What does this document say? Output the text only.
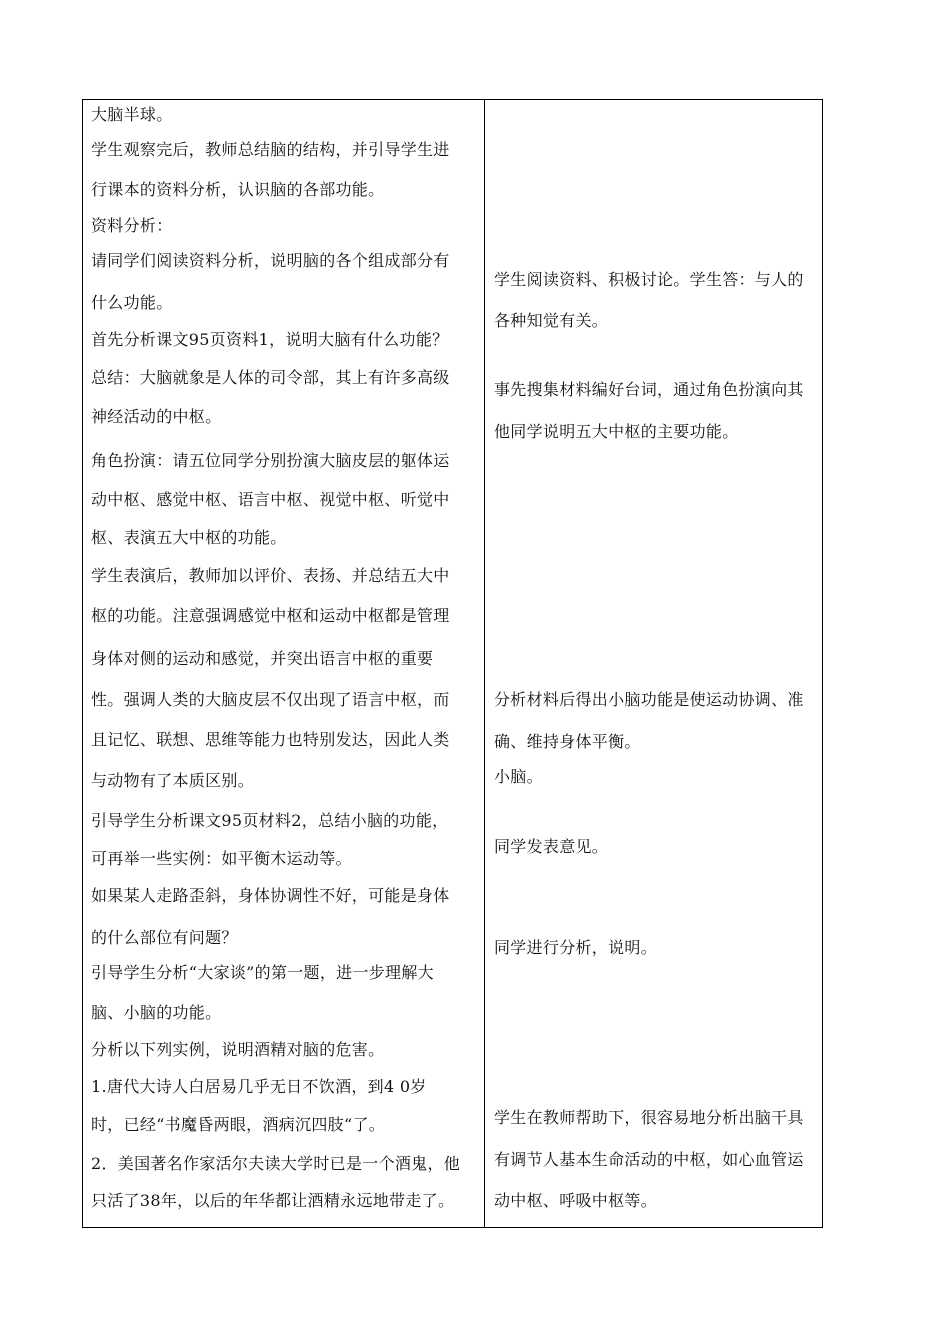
大脑半球。
学生观察完后，教师总结脑的结构，并引导学生进
行课本的资料分析，认识脑的各部功能。
资料分析：
请同学们阅读资料分析，说明脑的各个组成部分有
什么功能。
首先分析课文95页资料1，说明大脑有什么功能？
总结：大脑就象是人体的司令部，其上有许多高级
神经活动的中枢。
角色扮演：请五位同学分别扮演大脑皮层的躯体运
动中枢、感觉中枢、语言中枢、视觉中枢、听觉中
枢、表演五大中枢的功能。
学生表演后，教师加以评价、表扬、并总结五大中
枢的功能。注意强调感觉中枢和运动中枢都是管理
身体对侧的运动和感觉，并突出语言中枢的重要
性。强调人类的大脑皮层不仅出现了语言中枢，而
且记忆、联想、思维等能力也特别发达，因此人类
与动物有了本质区别。
引导学生分析课文95页材料2，总结小脑的功能，
可再举一些实例：如平衡木运动等。
如果某人走路歪斜，身体协调性不好，可能是身体
的什么部位有问题？
引导学生分析“大家谈”的第一题，进一步理解大
脑、小脑的功能。
分析以下列实例，说明酒精对脑的危害。
1.唐代大诗人白居易几乎无日不饮酒，到4 0岁
时，已经“书魔昏两眼，酒病沉四肢“了。
2．美国著名作家活尔夫读大学时已是一个酒鬼，他
只活了38年，以后的年华都让酒精永远地带走了。
学生阅读资料、积极讨论。学生答：与人的
各种知觉有关。
事先搜集材料编好台词，通过角色扮演向其
他同学说明五大中枢的主要功能。
分析材料后得出小脑功能是使运动协调、准
确、维持身体平衡。
小脑。
同学发表意见。
同学进行分析，说明。
学生在教师帮助下，很容易地分析出脑干具
有调节人基本生命活动的中枢，如心血管运
动中枢、呼吸中枢等。
